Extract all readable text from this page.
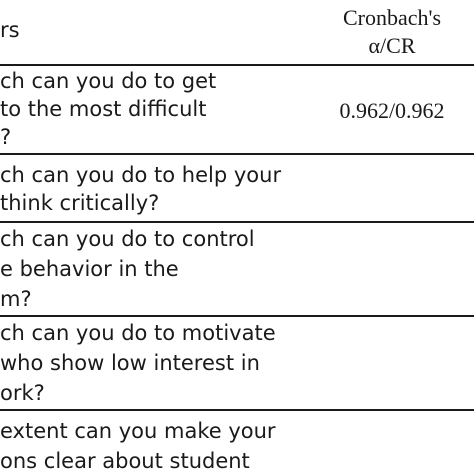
rs	Cronbach's
α/CR
ch can you do to get
to the most difficult
?
0.962/0.962
ch can you do to help your
think critically?
ch can you do to control
e behavior in the
m?
ch can you do to motivate
who show low interest in
ork?
extent can you make your
ons clear about student
